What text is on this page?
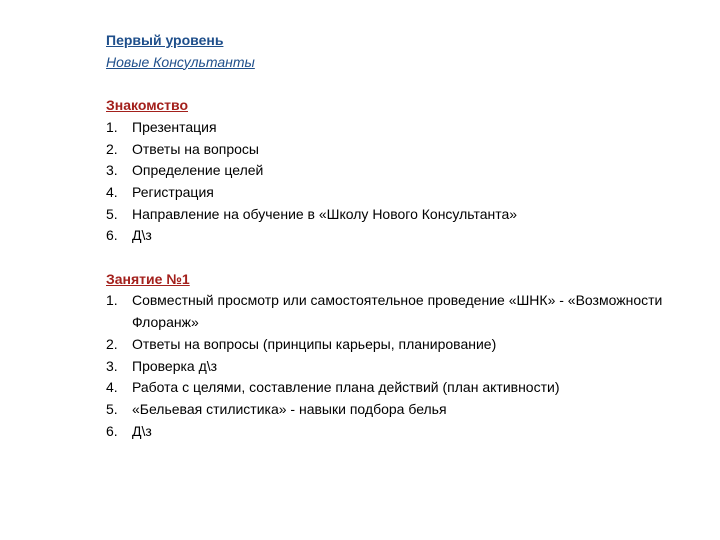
Первый уровень
Новые Консультанты
Знакомство
1. Презентация
2. Ответы на вопросы
3. Определение целей
4. Регистрация
5. Направление на обучение в «Школу Нового Консультанта»
6. Д\з
Занятие №1
1. Совместный просмотр или самостоятельное проведение «ШНК» - «Возможности Флоранж»
2. Ответы на вопросы (принципы карьеры, планирование)
3. Проверка д\з
4. Работа с целями, составление плана действий (план активности)
5. «Бельевая стилистика» - навыки подбора белья
6. Д\з
